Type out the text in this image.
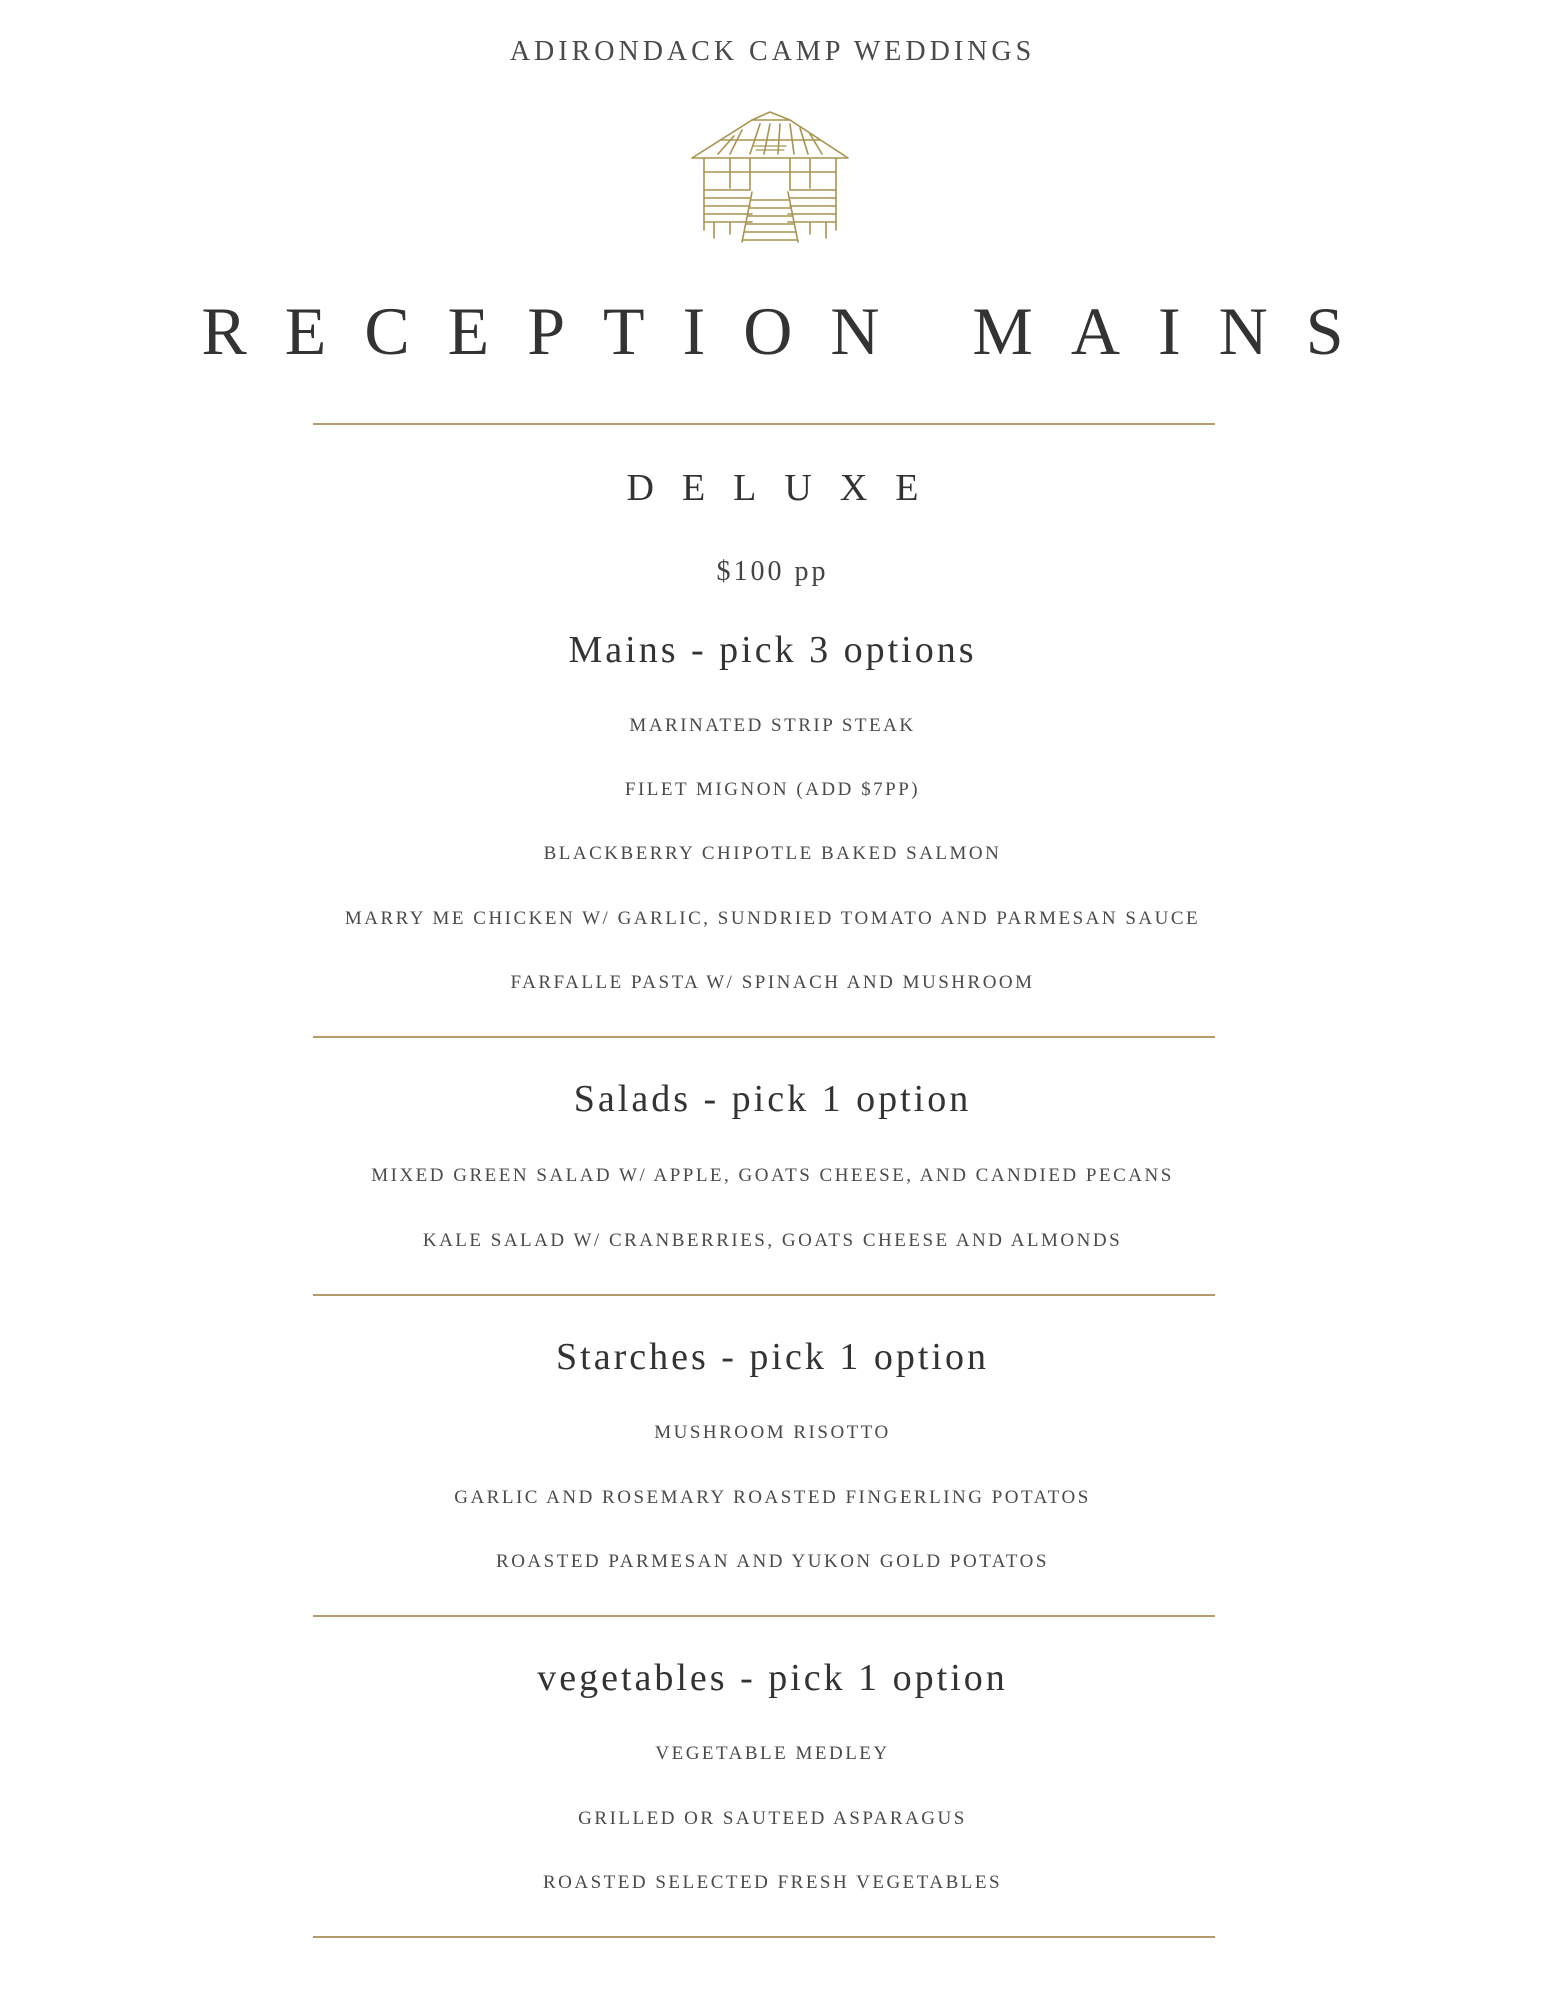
ADIRONDACK CAMP WEDDINGS
RECEPTION MAINS
DELUXE
$100 pp
Mains - pick 3 options
MARINATED STRIP STEAK
FILET MIGNON (ADD $7PP)
BLACKBERRY CHIPOTLE BAKED SALMON
MARRY ME CHICKEN W/ GARLIC, SUNDRIED TOMATO AND PARMESAN SAUCE
FARFALLE PASTA W/ SPINACH AND MUSHROOM
Salads - pick 1 option
MIXED GREEN SALAD W/ APPLE, GOATS CHEESE, AND CANDIED PECANS
KALE SALAD W/ CRANBERRIES, GOATS CHEESE AND ALMONDS
Starches - pick 1 option
MUSHROOM RISOTTO
GARLIC AND ROSEMARY ROASTED FINGERLING POTATOS
ROASTED PARMESAN AND YUKON GOLD POTATOS
vegetables - pick 1 option
VEGETABLE MEDLEY
GRILLED OR SAUTEED ASPARAGUS
ROASTED SELECTED FRESH VEGETABLES
